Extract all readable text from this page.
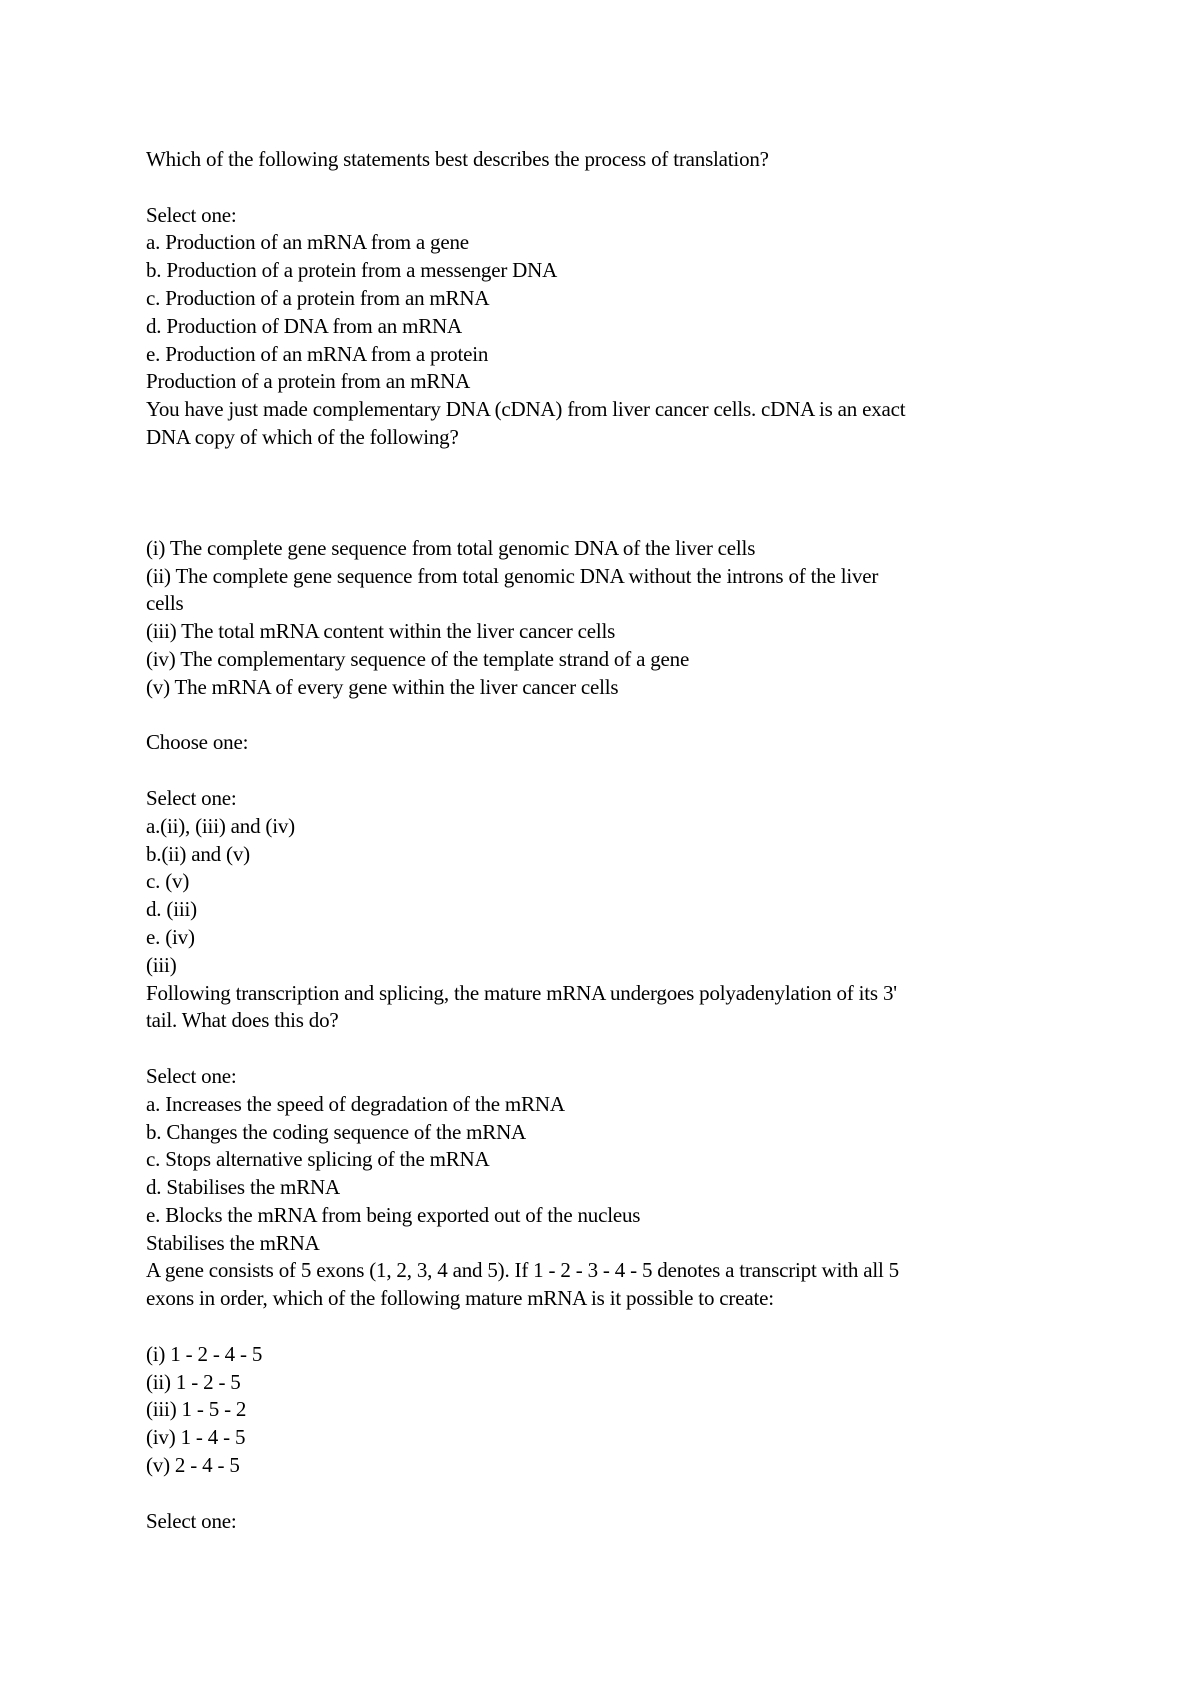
Which of the following statements best describes the process of translation?
Select one:
a. Production of an mRNA from a gene
b. Production of a protein from a messenger DNA
c. Production of a protein from an mRNA
d. Production of DNA from an mRNA
e. Production of an mRNA from a protein
Production of a protein from an mRNA
You have just made complementary DNA (cDNA) from liver cancer cells. cDNA is an exact
DNA copy of which of the following?
(i) The complete gene sequence from total genomic DNA of the liver cells
(ii) The complete gene sequence from total genomic DNA without the introns of the liver
cells
(iii) The total mRNA content within the liver cancer cells
(iv) The complementary sequence of the template strand of a gene
(v) The mRNA of every gene within the liver cancer cells
Choose one:
Select one:
a.(ii), (iii) and (iv)
b.(ii) and (v)
c. (v)
d. (iii)
e. (iv)
(iii)
Following transcription and splicing, the mature mRNA undergoes polyadenylation of its 3'
tail. What does this do?
Select one:
a. Increases the speed of degradation of the mRNA
b. Changes the coding sequence of the mRNA
c. Stops alternative splicing of the mRNA
d. Stabilises the mRNA
e. Blocks the mRNA from being exported out of the nucleus
Stabilises the mRNA
A gene consists of 5 exons (1, 2, 3, 4 and 5). If 1 - 2 - 3 - 4 - 5 denotes a transcript with all 5
exons in order, which of the following mature mRNA is it possible to create:
(i) 1 - 2 - 4 - 5
(ii) 1 - 2 - 5
(iii) 1 - 5 - 2
(iv) 1 - 4 - 5
(v) 2 - 4 - 5
Select one:
